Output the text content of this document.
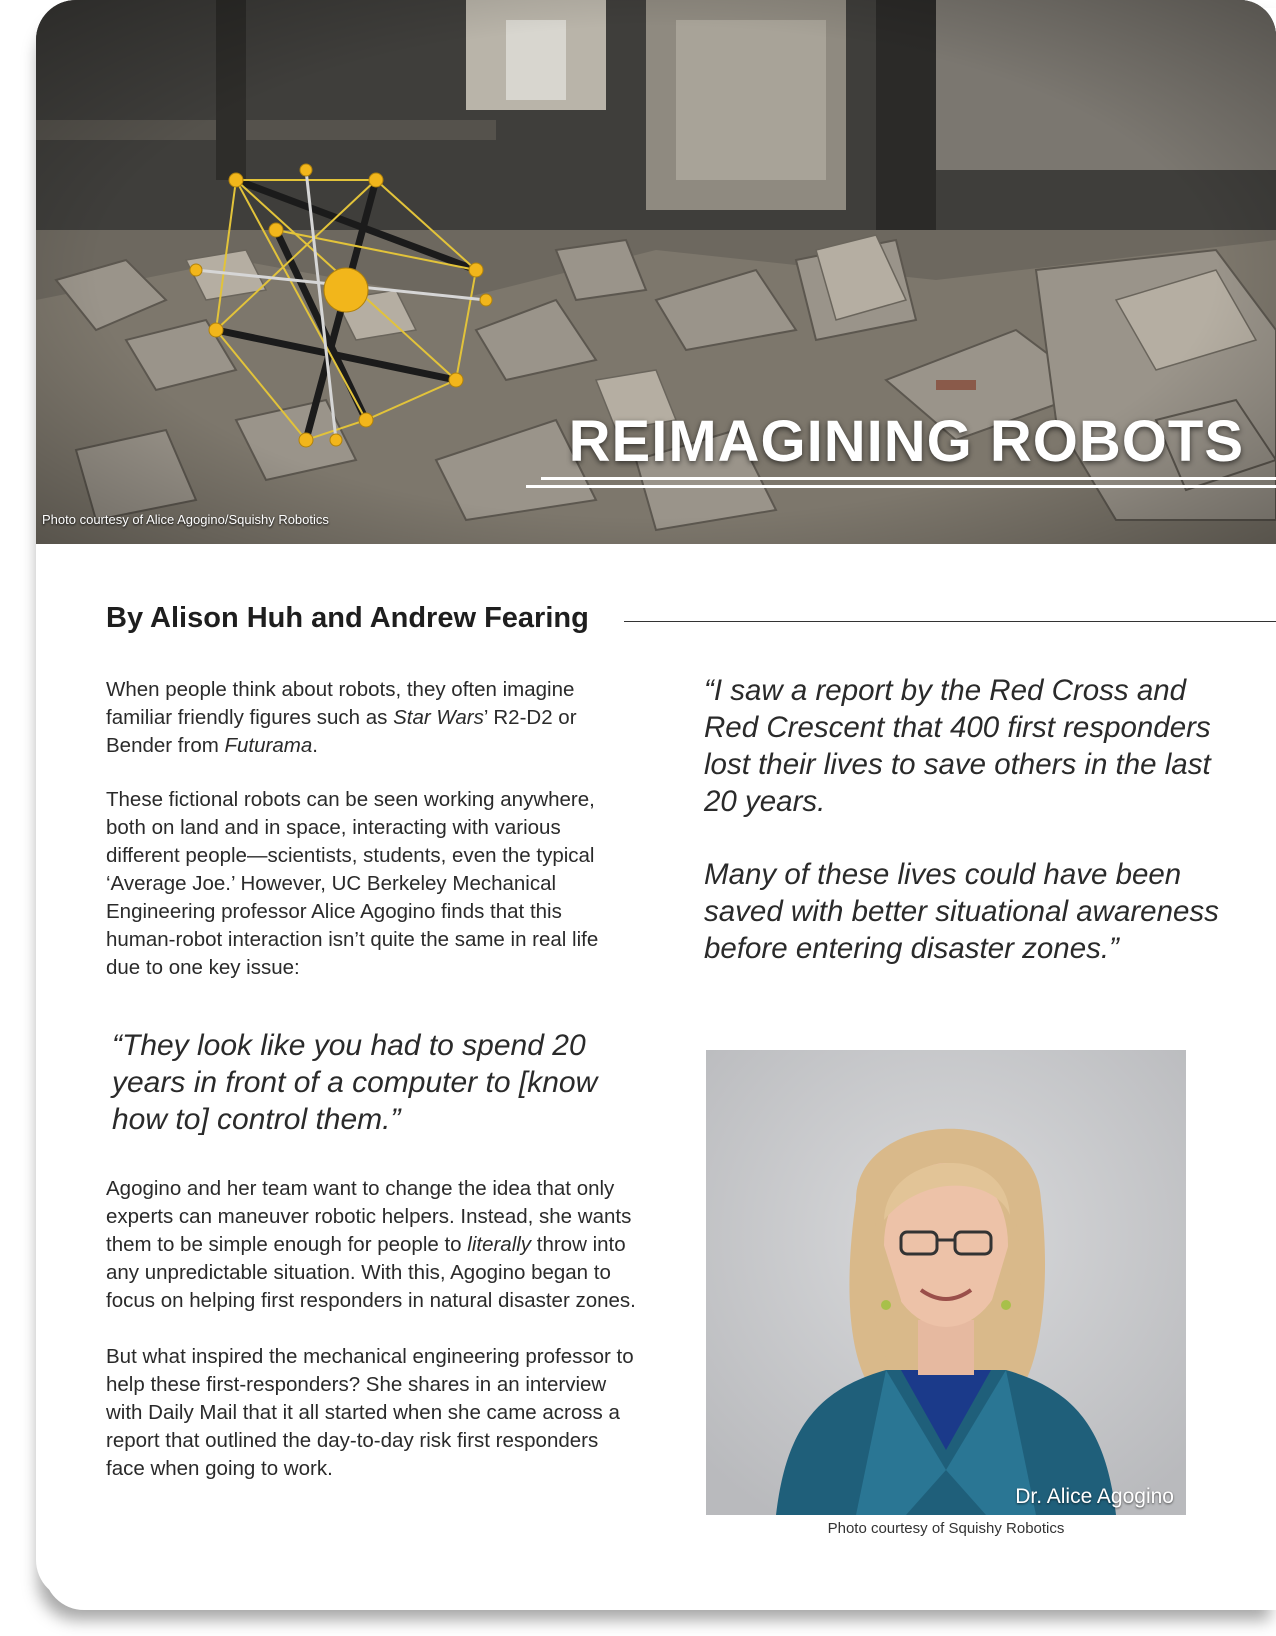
REIMAGINING ROBOTS
Photo courtesy of Alice Agogino/Squishy Robotics
By Alison Huh and Andrew Fearing

When people think about robots, they often imagine familiar friendly figures such as Star Wars’ R2-D2 or Bender from Futurama.

These fictional robots can be seen working anywhere, both on land and in space, interacting with various different people—scientists, students, even the typical ‘Average Joe.’ However, UC Berkeley Mechanical Engineering professor Alice Agogino finds that this human-robot interaction isn’t quite the same in real life due to one key issue:

“They look like you had to spend 20 years in front of a computer to [know how to] control them.”

Agogino and her team want to change the idea that only experts can maneuver robotic helpers. Instead, she wants them to be simple enough for people to literally throw into any unpredictable situation. With this, Agogino began to focus on helping first responders in natural disaster zones.

But what inspired the mechanical engineering professor to help these first-responders? She shares in an interview with Daily Mail that it all started when she came across a report that outlined the day-to-day risk first responders face when going to work.

“I saw a report by the Red Cross and Red Crescent that 400 first responders lost their lives to save others in the last 20 years.

Many of these lives could have been saved with better situational awareness before entering disaster zones.”

Dr. Alice Agogino
Photo courtesy of Squishy Robotics
